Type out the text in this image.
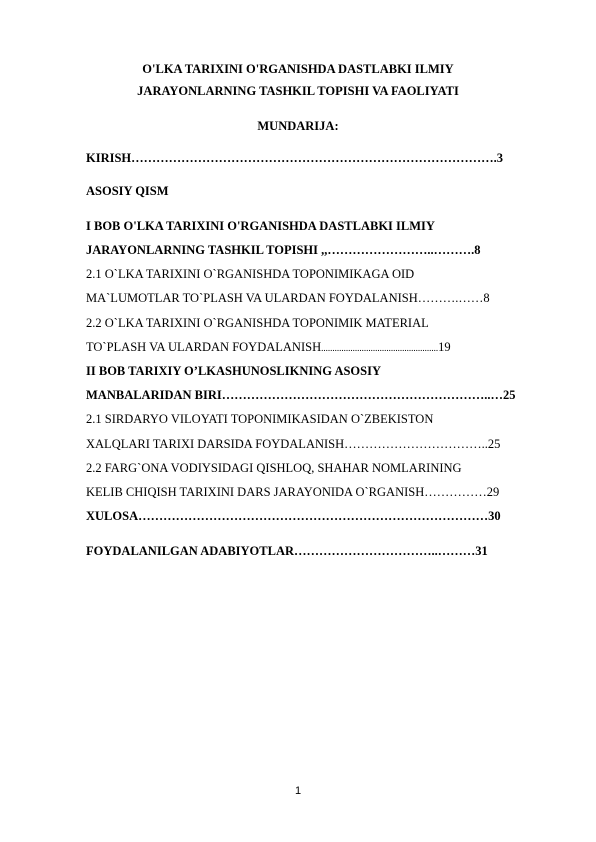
O'LKA TARIXINI O'RGANISHDA DASTLABKI ILMIY
JARAYONLARNING TASHKIL TOPISHI VA FAOLIYATI
MUNDARIJA:
KIRISH…………………………………………………………………………….3
ASOSIY QISM
I BOB O'LKA TARIXINI O'RGANISHDA DASTLABKI ILMIY
JARAYONLARNING TASHKIL TOPISHI ,,……………………..……….8
2.1 O`LKA TARIXINI O`RGANISHDA TOPONIMIKAGA OID
MA`LUMOTLAR TO`PLASH VA ULARDAN FOYDALANISH……….……8
2.2 O`LKA TARIXINI O`RGANISHDA TOPONIMIK MATERIAL
TO`PLASH VA ULARDAN FOYDALANISH....................................................19
II BOB TARIXIY O’LKASHUNOSLIKNING ASOSIY
MANBALARIDAN BIRI………………………………………………………..…25
2.1 SIRDARYO VILOYATI TOPONIMIKASIDAN O`ZBEKISTON
XALQLARI TARIXI DARSIDA FOYDALANISH……………………………..25
2.2 FARG`ONA VODIYSIDAGI QISHLOQ, SHAHAR NOMLARINING
KELIB CHIQISH TARIXINI DARS JARAYONIDA O`RGANISH……………29
XULOSA…………………………………………………………………………30
FOYDALANILGAN ADABIYOTLAR……………………………..………31
1
